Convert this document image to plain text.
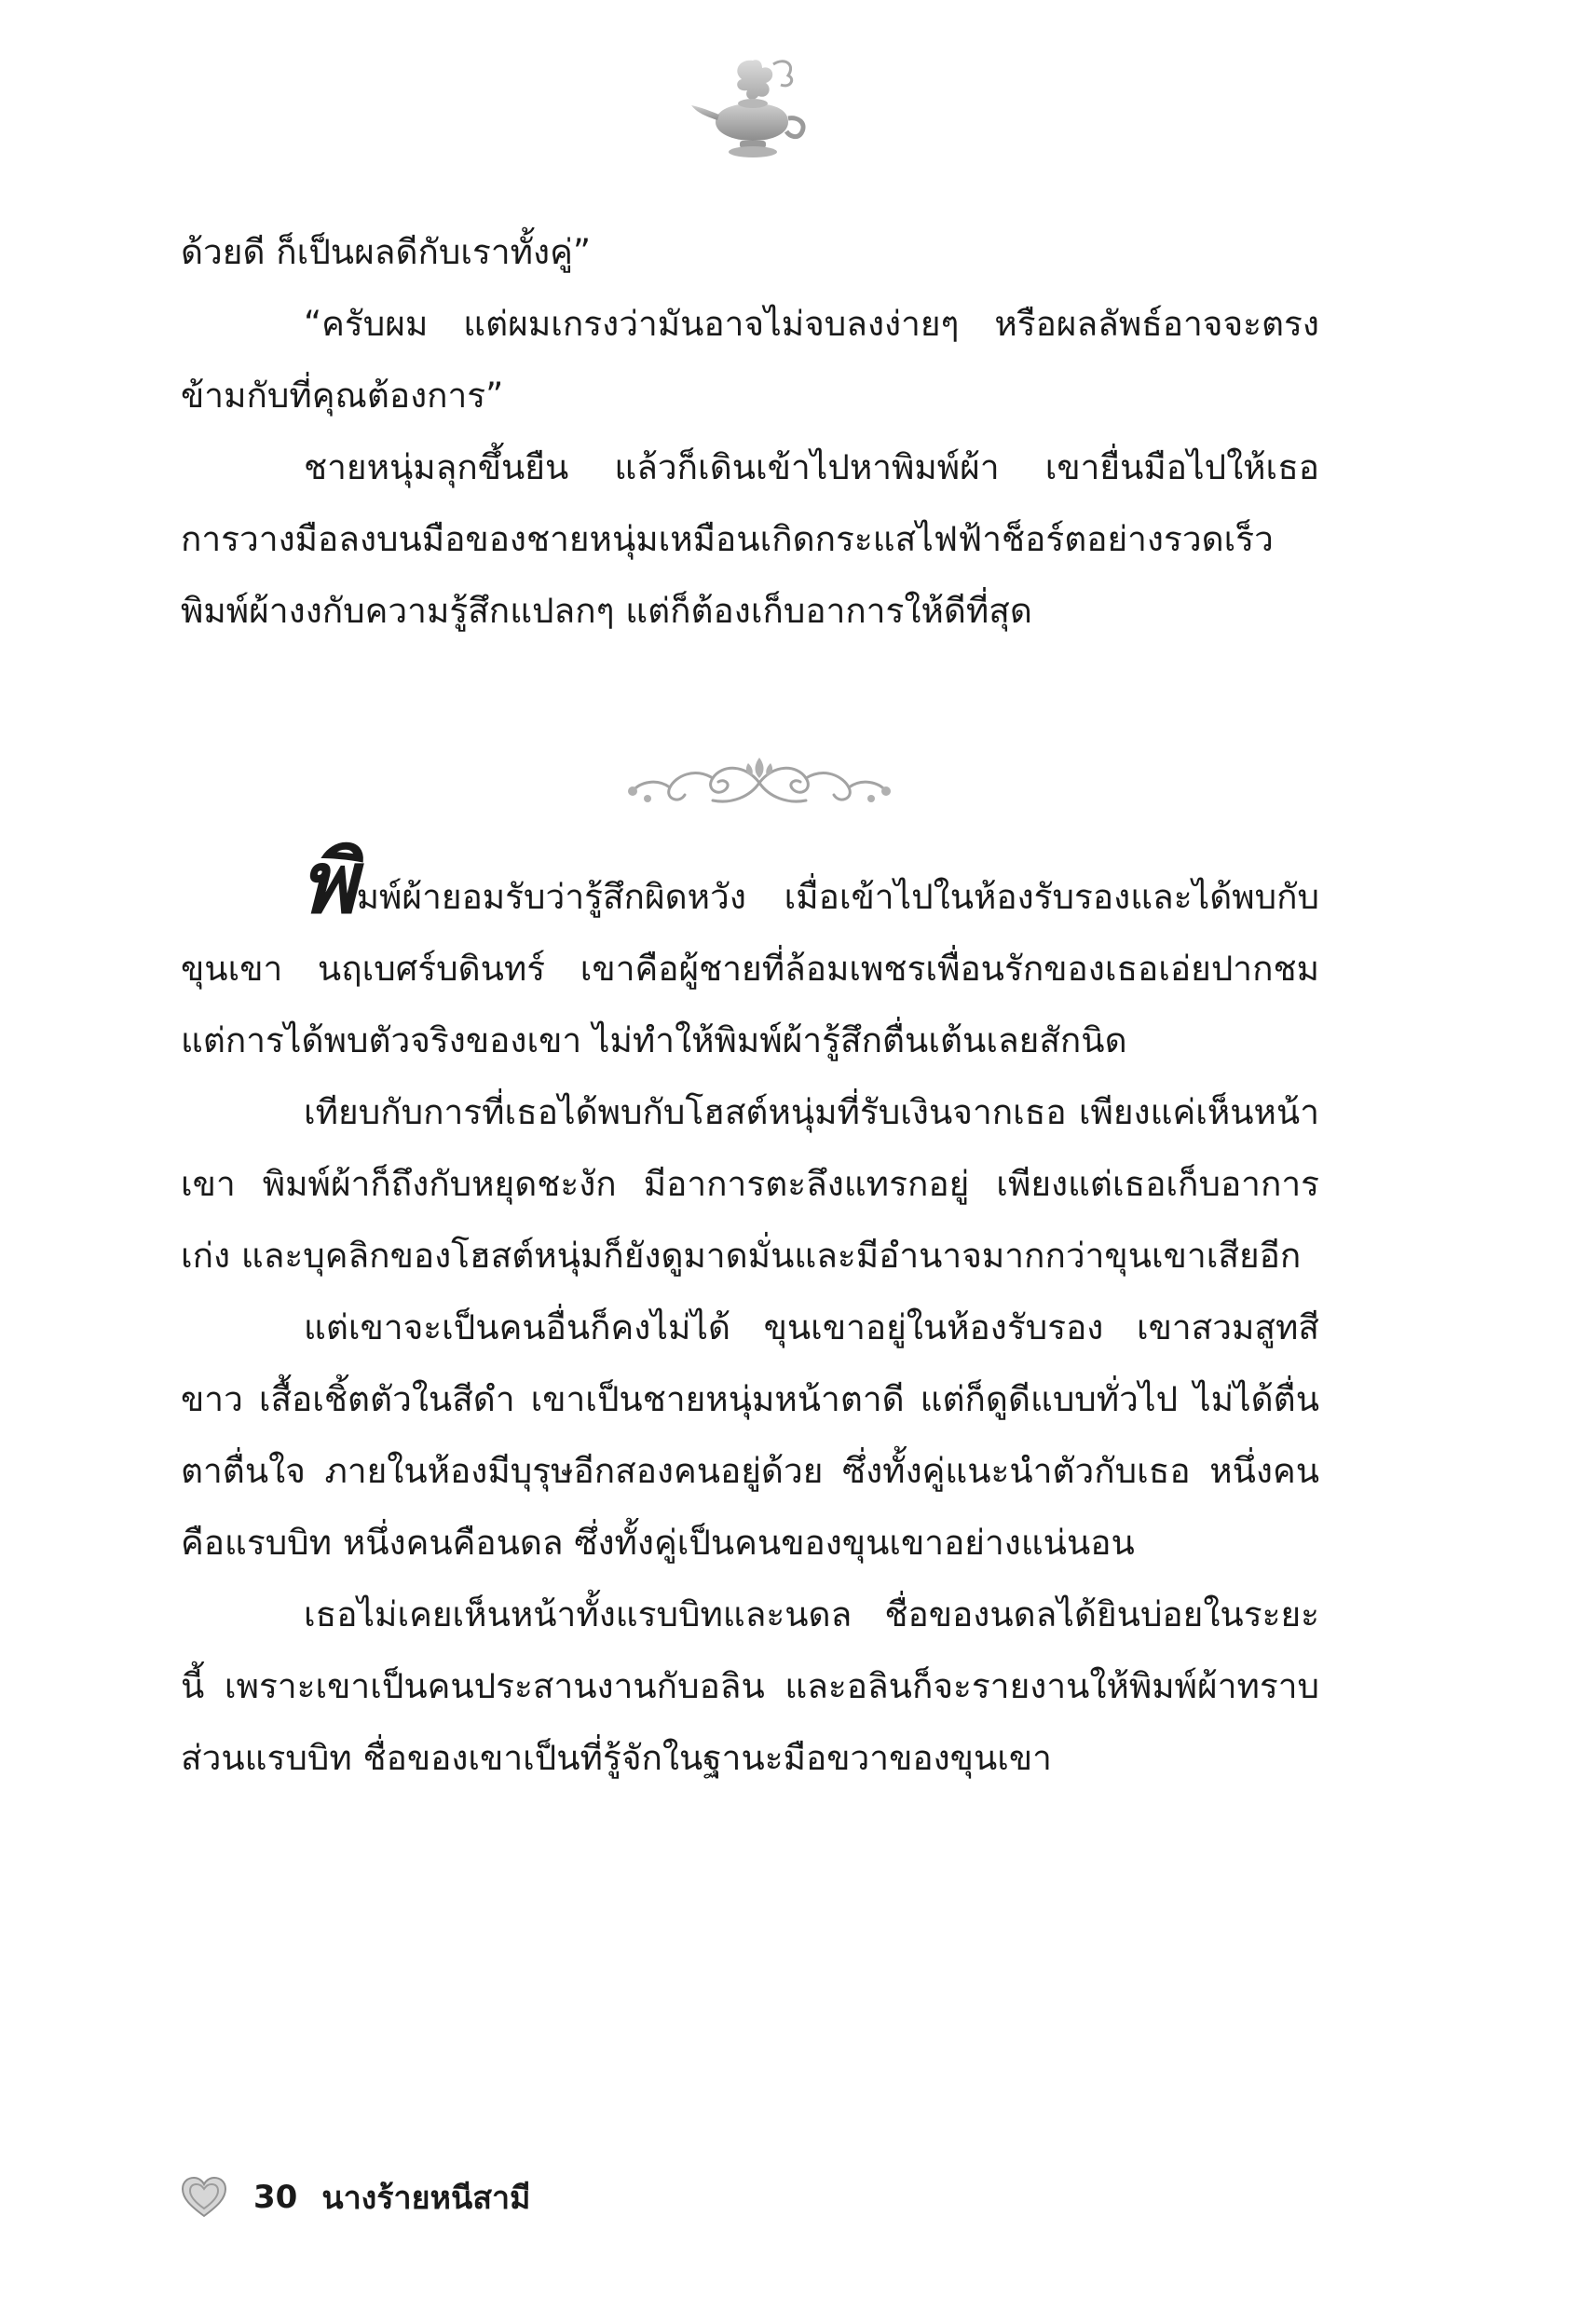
ด้วยดี ก็เป็นผลดีกับเราทั้งคู่”

“ครับผม แต่ผมเกรงว่ามันอาจไม่จบลงง่ายๆ หรือผลลัพธ์อาจจะตรงข้ามกับที่คุณต้องการ”

ชายหนุ่มลุกขึ้นยืน แล้วก็เดินเข้าไปหาพิมพ์ผ้า เขายื่นมือไปให้เธอ การวางมือลงบนมือของชายหนุ่มเหมือนเกิดกระแสไฟฟ้าช็อร์ตอย่างรวดเร็ว พิมพ์ผ้างงกับความรู้สึกแปลกๆ แต่ก็ต้องเก็บอาการให้ดีที่สุด

พิมพ์ผ้ายอมรับว่ารู้สึกผิดหวัง เมื่อเข้าไปในห้องรับรองและได้พบกับ ขุนเขา นฤเบศร์บดินทร์ เขาคือผู้ชายที่ล้อมเพชรเพื่อนรักของเธอเอ่ยปากชม แต่การได้พบตัวจริงของเขา ไม่ทำให้พิมพ์ผ้ารู้สึกตื่นเต้นเลยสักนิด

เทียบกับการที่เธอได้พบกับโฮสต์หนุ่มที่รับเงินจากเธอ เพียงแค่เห็นหน้าเขา พิมพ์ผ้าก็ถึงกับหยุดชะงัก มีอาการตะลึงแทรกอยู่ เพียงแต่เธอเก็บอาการเก่ง และบุคลิกของโฮสต์หนุ่มก็ยังดูมาดมั่นและมีอำนาจมากกว่าขุนเขาเสียอีก

แต่เขาจะเป็นคนอื่นก็คงไม่ได้ ขุนเขาอยู่ในห้องรับรอง เขาสวมสูทสีขาว เสื้อเชิ้ตตัวในสีดำ เขาเป็นชายหนุ่มหน้าตาดี แต่ก็ดูดีแบบทั่วไป ไม่ได้ตื่นตาตื่นใจ ภายในห้องมีบุรุษอีกสองคนอยู่ด้วย ซึ่งทั้งคู่แนะนำตัวกับเธอ หนึ่งคนคือแรบบิท หนึ่งคนคือนดล ซึ่งทั้งคู่เป็นคนของขุนเขาอย่างแน่นอน

เธอไม่เคยเห็นหน้าทั้งแรบบิทและนดล ชื่อของนดลได้ยินบ่อยในระยะนี้ เพราะเขาเป็นคนประสานงานกับอลิน และอลินก็จะรายงานให้พิมพ์ผ้าทราบ ส่วนแรบบิท ชื่อของเขาเป็นที่รู้จักในฐานะมือขวาของขุนเขา

30 นางร้ายหนีสามี
